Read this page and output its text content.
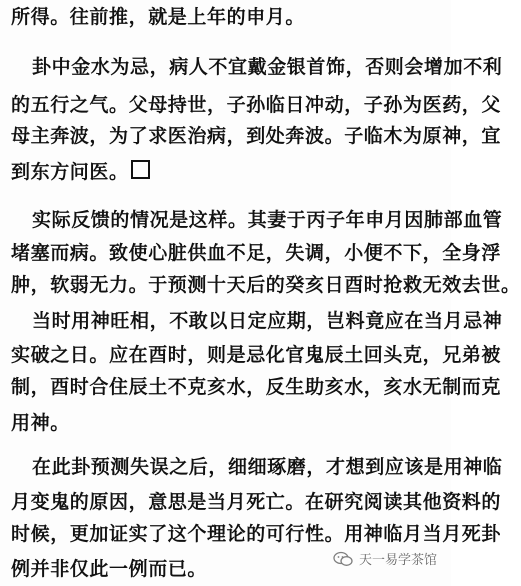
所得。往前推，就是上年的申月。
卦中金水为忌，病人不宜戴金银首饰，否则会增加不利
的五行之气。父母持世，子孙临日冲动，子孙为医药，父
母主奔波，为了求医治病，到处奔波。子临木为原神，宜
到东方问医。
实际反馈的情况是这样。其妻于丙子年申月因肺部血管
堵塞而病。致使心脏供血不足，失调，小便不下，全身浮
肿，软弱无力。于预测十天后的癸亥日酉时抢救无效去世。
当时用神旺相，不敢以日定应期，岂料竟应在当月忌神
实破之日。应在酉时，则是忌化官鬼辰土回头克，兄弟被
制，酉时合住辰土不克亥水，反生助亥水，亥水无制而克
用神。
在此卦预测失误之后，细细琢磨，才想到应该是用神临
月变鬼的原因，意思是当月死亡。在研究阅读其他资料的
时候，更加证实了这个理论的可行性。用神临月当月死卦
例并非仅此一例而已。	天一易学茶馆
